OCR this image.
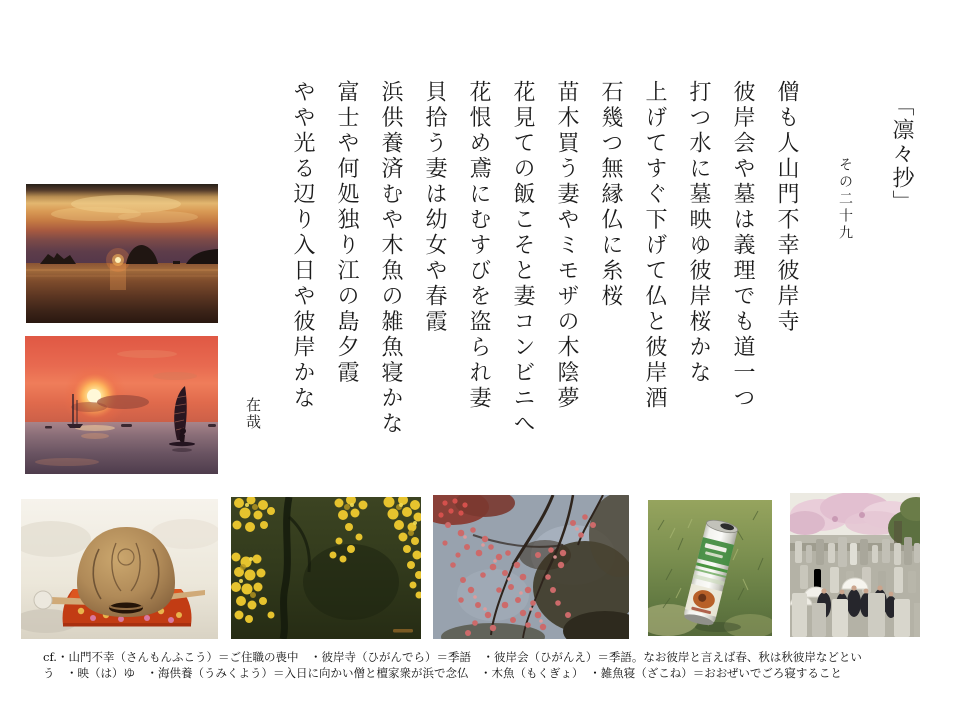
「凛々抄」
その二十九
僧も人山門不幸彼岸寺
彼岸会や墓は義理でも道一つ
打つ水に墓映ゆ彼岸桜かな
上げてすぐ下げて仏と彼岸酒
石幾つ無縁仏に糸桜
苗木買う妻やミモザの木陰夢
花見ての飯こそと妻コンビニへ
花恨め鳶にむすびを盗られ妻
貝拾う妻は幼女や春霞
浜供養済むや木魚の雑魚寝かな
富士や何処独り江の島夕霞
やや光る辺り入日や彼岸かな
在哉
cf.・山門不幸（さんもんふこう）＝ご住職の喪中　・彼岸寺（ひがんでら）＝季語　・彼岸会（ひがんえ）＝季語。なお彼岸と言えば春、秋は秋彼岸などとい
う　・映（は）ゆ　・海供養（うみくよう）＝入日に向かい僧と檀家衆が浜で念仏　・木魚（もくぎょ）　・雑魚寝（ざこね）＝おおぜいでごろ寝すること
